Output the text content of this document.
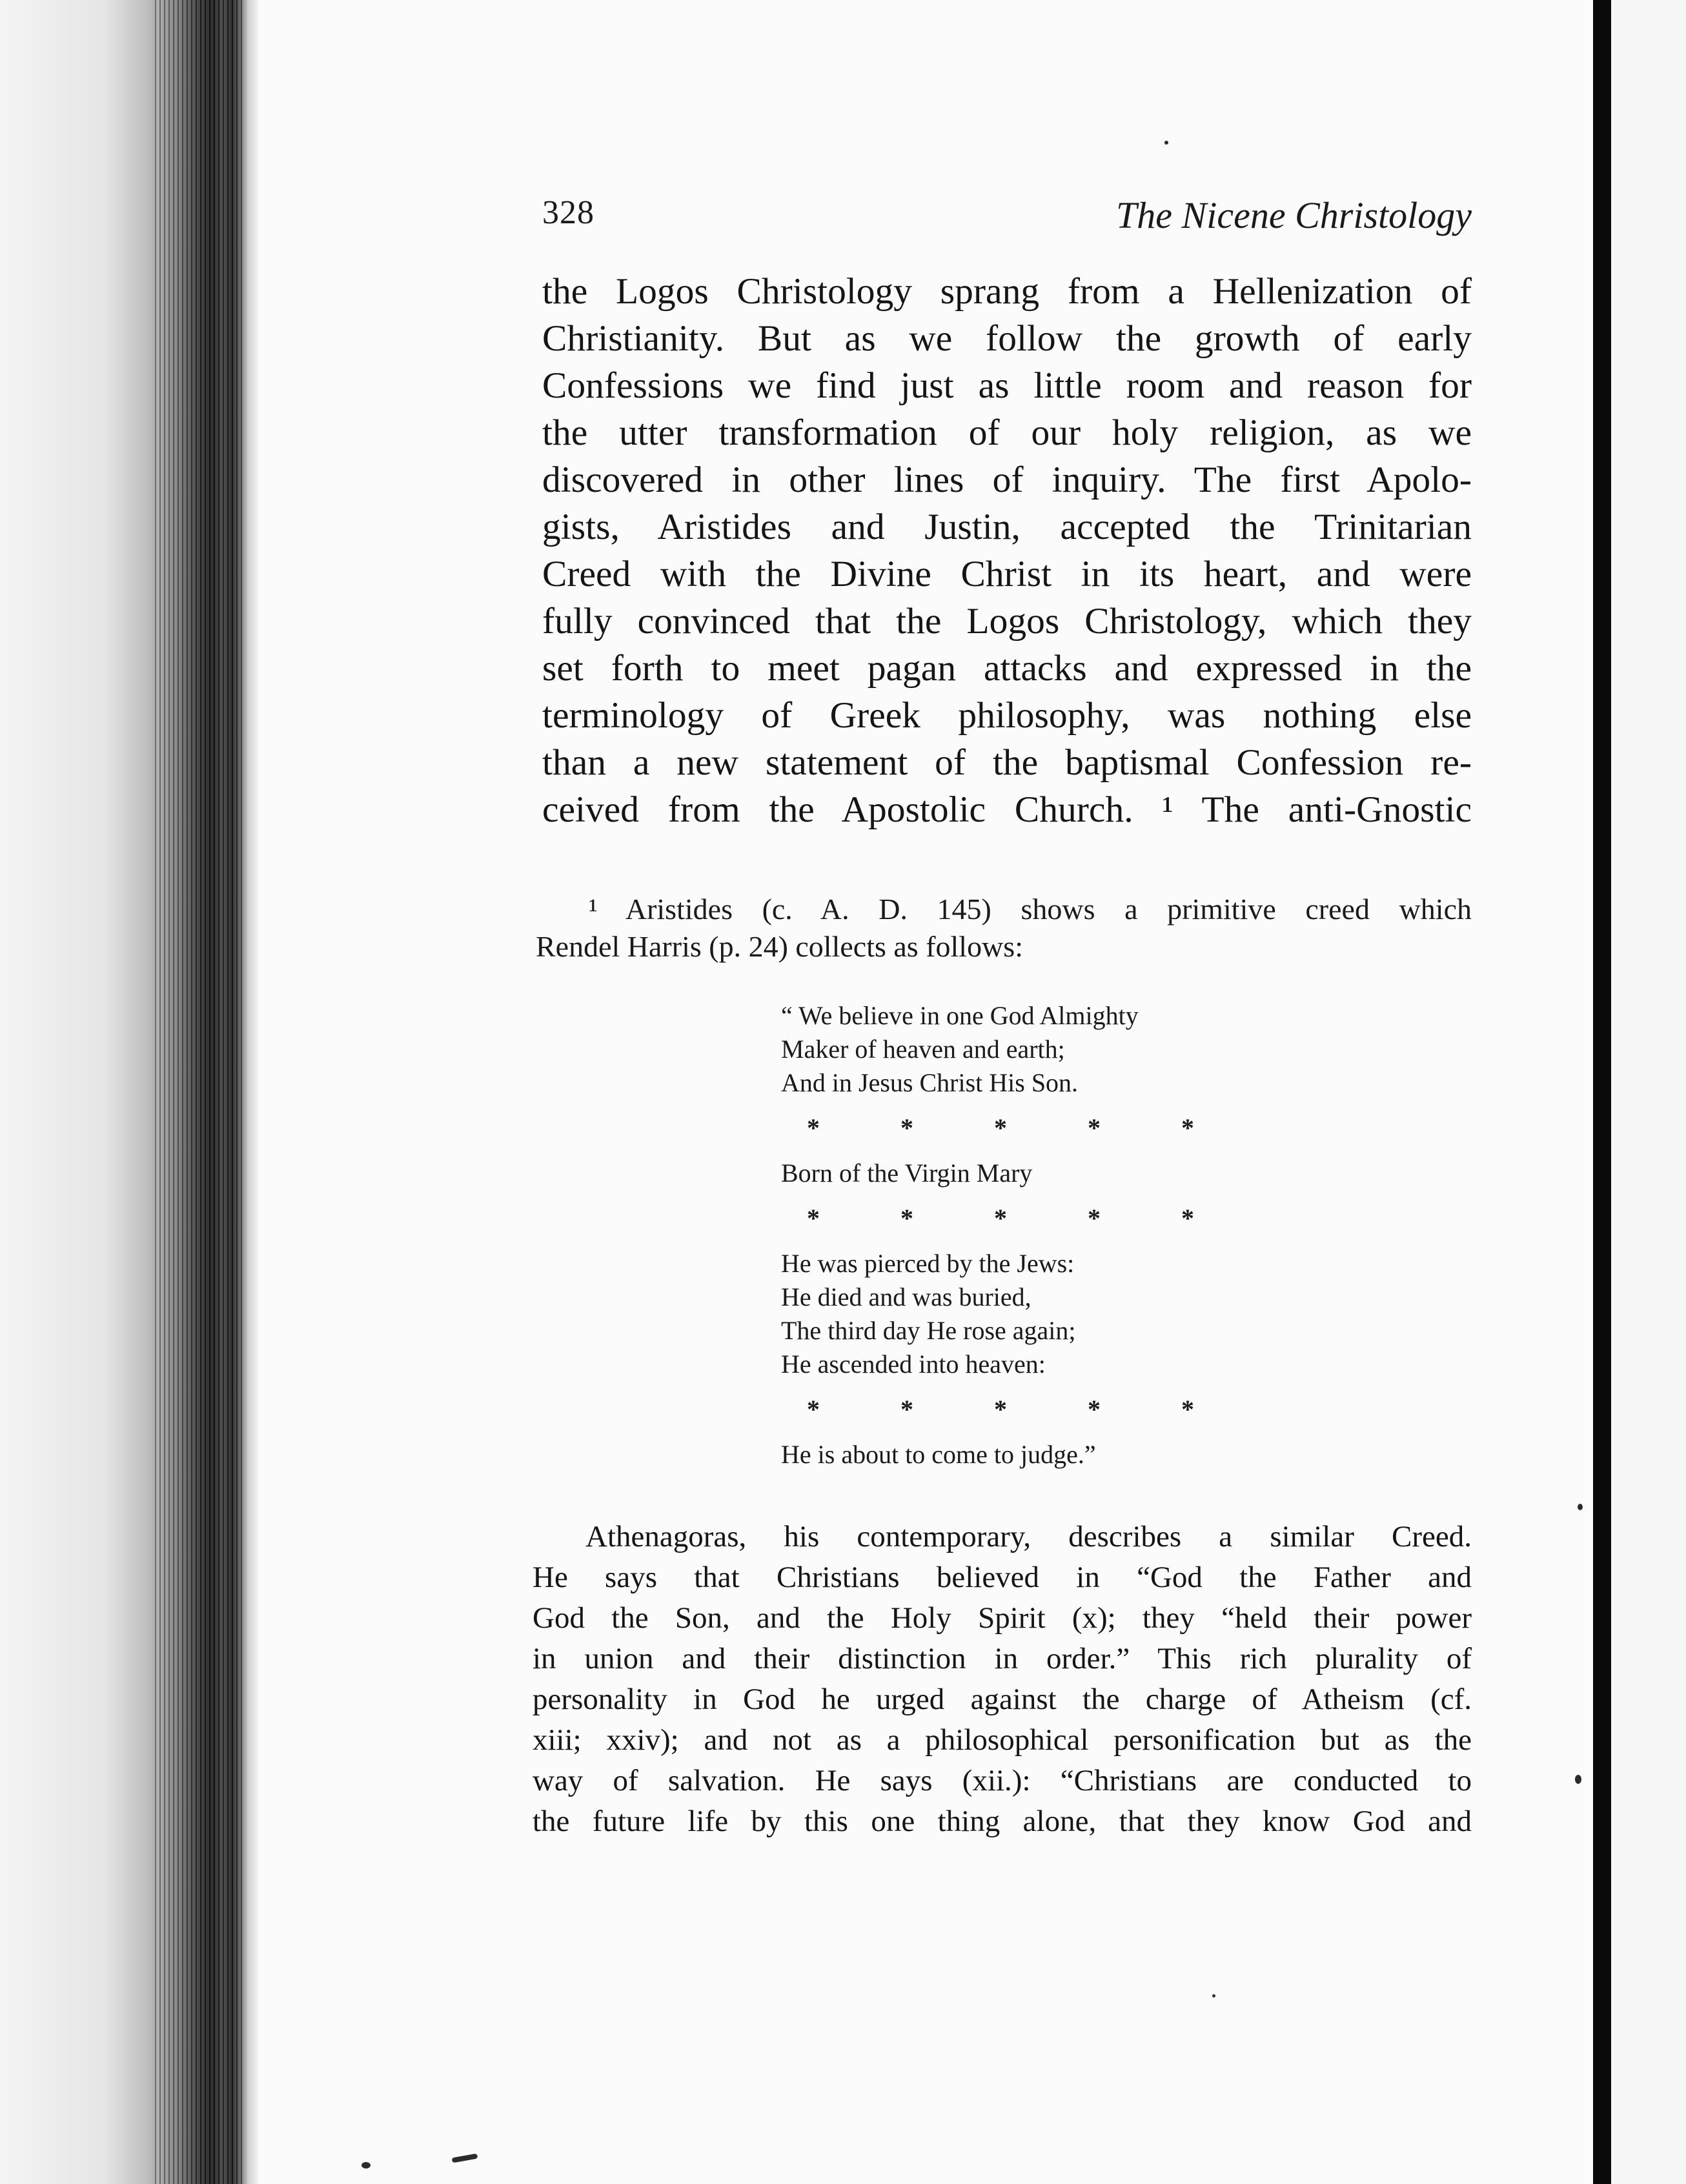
328	The Nicene Christology
the Logos Christology sprang from a Hellenization of
Christianity. But as we follow the growth of early
Confessions we find just as little room and reason for
the utter transformation of our holy religion, as we
discovered in other lines of inquiry. The first Apolo-
gists, Aristides and Justin, accepted the Trinitarian
Creed with the Divine Christ in its heart, and were
fully convinced that the Logos Christology, which they
set forth to meet pagan attacks and expressed in the
terminology of Greek philosophy, was nothing else
than a new statement of the baptismal Confession re-
ceived from the Apostolic Church. ¹ The anti-Gnostic
¹ Aristides (c. A. D. 145) shows a primitive creed which
Rendel Harris (p. 24) collects as follows:
“ We believe in one God Almighty
Maker of heaven and earth;
And in Jesus Christ His Son.
*	*	*	*	*
Born of the Virgin Mary
*	*	*	*	*
He was pierced by the Jews:
He died and was buried,
The third day He rose again;
He ascended into heaven:
*	*	*	*	*
He is about to come to judge.”
Athenagoras, his contemporary, describes a similar Creed.
He says that Christians believed in “God the Father and
God the Son, and the Holy Spirit (x); they “held their power
in union and their distinction in order.” This rich plurality of
personality in God he urged against the charge of Atheism (cf.
xiii; xxiv); and not as a philosophical personification but as the
way of salvation. He says (xii.): “Christians are conducted to
the future life by this one thing alone, that they know God and
